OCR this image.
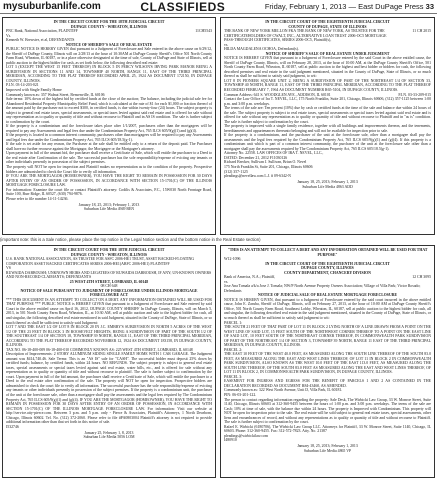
mysuburbanlife.com	CLASSIFIEDS	Friday, February 1, 2013 — East DuPage Press 33

IN THE CIRCUIT COURT FOR THE 18TH JUDICIAL CIRCUIT

DUPAGE COUNTY - WHEATON, ILLINOIS

PNC Bank, National Association, PLAINTIFF	11CH5543

Vs.

Kenneth W. Brewster, et al, DEFENDANTS

NOTICE OF SHERIFF'S SALE OF REAL ESTATE

PUBLIC NOTICE IS HEREBY GIVEN that pursuant to a Judgment of Foreclosure and Sale entered in the above cause on 6/29/12, the Sheriff of DuPage County, Illinois will on 2/28/13 at the hour of 10:30AM at DuPage County Sheriff's Office 501 North County Farm Road, Wheaton, IL 60187, or in a place otherwise designated at the time of sale, County of DuPage and State of Illinois, sell at public auction to the highest bidder for cash, as set forth below, the following described real estate:

LOT 3 (EXCEPT THE WEST 15 FEET THEREOF) IN BLOCK 5 IN PERCY WILSON'S IRVING PARK MANOR BEING A SUBDIVISION IN SECTIONS 11 AND 14, TOWNSHIP 40 NORTH, RANGE 11, EAST OF THE THIRD PRINCIPAL MERIDIAN, ACCORDING TO THE PLAT THEREOF RECORDED APRIL 25, 1924 AS DOCUMENT 172150, IN DUPAGE COUNTY, ILLINOIS.

P.I.N. 03-14-203-021

Improved with Single Family Home

Commonly known as: 357 Walnut Street, Bensenville, IL 60106

Sale terms: 10% down of the highest bid by certified funds at the close of the auction; The balance, including the judicial sale fee for Abandoned Residential Property Municipality Relief Fund, which is calculated at the rate of $1 for each $1,000 or fraction thereof of the amount paid by the purchaser not to exceed $300, in certified funds, is due within twenty-four (24) hours. The subject property is subject to general real estate taxes, special assessments, or special taxes levied against said real estate and is offered for sale without any representation as to quality or quantity of title and without recourse to Plaintiff and in AS IS condition. The sale is further subject to confirmation by the court.

If the property is a condominium and the foreclosure takes place after 1/1/2007, purchasers other than the mortgagees will be required to pay any Assessments and legal fees due under the Condominium Property Act, 765 ILCS 605/9(g)(1) and (g)(4).

If the property is located in a common interest community, purchasers other than mortgagees will be required to pay any Assessments and legal fees due under the Condominium Property Act, 765 ILCS 605/18.5(g-1).

If the sale is set aside for any reason, the Purchaser at the sale shall be entitled only to a return of the deposit paid. The Purchaser shall have no further recourse against the Mortgagor, the Mortgagee or the Mortgagee's attorney.

Upon payment in full of the amount bid, the purchaser shall receive a Certificate of Sale, which will entitle the purchaser to a Deed to the real estate after Confirmation of the sale. The successful purchaser has the sole responsibility/expense of evicting any tenants or other individuals presently in possession of the subject premises.

The property will NOT be open for inspection and Plaintiff makes no representation as to the condition of the property. Prospective bidders are admonished to check the Court file to verify all information.

IF YOU ARE THE MORTGAGOR (HOMEOWNER), YOU HAVE THE RIGHT TO REMAIN IN POSSESSION FOR 30 DAYS AFTER ENTRY OF AN ORDER OF POSSESSION, IN ACCORDANCE WITH SECTION 15-1701(C) OF THE ILLINOIS MORTGAGE FORECLOSURE LAW.

For information: Examine the court file or contact Plaintiff's attorney: Codilis & Associates, P.C., 15W030 North Frontage Road, Suite 100, Burr Ridge, IL 60527, (630) 794-9876.

Please refer to file number 14-11-14236.

January 18, 25, 2013; February 1, 2013

Suburban Life Media 4949 BEN

IN THE CIRCUIT COURT OF THE EIGHTEENTH JUDICIAL CIRCUIT

COUNTY OF DUPAGE, STATE OF ILLINOIS

THE BANK OF NEW YORK MELLON FKA THE BANK OF NEW YORK, AS TRUSTEE FOR THE CERTIFICATEHOLDERS OF CWALT, INC., ALTERNATIVE LOAN TRUST 2006-OC5 MORTGAGE PASS-THROUGH CERTIFICATES, SERIES 2006-OC5, Plaintiff(s),
11 CH 2015

vs.

HILDA MAGDALENA OCHOA, Defendant(s).

NOTICE OF SHERIFF'S SALE OF REAL ESTATE UNDER JUDGMENT

NOTICE IS HEREBY GIVEN that pursuant to a Judgment of Foreclosure entered by the said Court in the above entitled cause, the Sheriff of DuPage County, Illinois, will on February 28, 2013, at the hour of 10:00 AM, at the DuPage County Sheriff's Office, 501 North County Farm Road, Wheaton, IL 60187, sell at public auction to the highest and best bidder or bidders for cash, the following described premises and real estate in the said judgment mentioned, situated in the County of DuPage, State of Illinois, or so much thereof as shall be sufficient to satisfy said judgment, to wit:

LOT 8 IN PIONEER SQUARE UNIT 2, BEING A SUBDIVISION OF PART OF THE NORTHEAST 1/4 OF SECTION 33, TOWNSHIP 40 NORTH, RANGE 11, EAST OF THE THIRD PRINCIPAL MERIDIAN, ACCORDING TO THE PLAT THEREOF RECORDED FEBRUARY 7, 1964 AS DOCUMENT NUMBER R65-5104, IN DUPAGE COUNTY, ILLINOIS.

Common Address: 641 S. WOODGLEN AVE., ADDISON, IL 60101	P.I.N. 03-33-209-015

Contact the Law Office of Ira T. NEVEL, LLC, 175 North Franklin, Suite 201, Chicago, Illinois 60606, (312) 357-1125 between 1:00 p.m. and 3:00 p.m. weekdays.

The terms of the sale are: Ten percent (10%) due by cash or certified funds at the time of the sale and balance due within 24 hours of the sale. The subject property is subject to real estate taxes, special assessments or special taxes levied against said real estate and is offered for sale without any representation as to quality or quantity of title and without recourse to Plaintiff and in "as is" condition. The sale is further subject to confirmation by the court.

The property is improved with a single family residence, together with all buildings and improvements thereon, and the tenements, hereditaments and appurtenances thereunto belonging and will not be available for inspection prior to sale.

If the property is a condominium, and the purchaser of the unit at the foreclosure sale, other than a mortgagee shall pay the assessments and the legal fees required by the Condominium Property Act, 765 ILCS 605/9(g)(1) and (g)(4). If this property is a condominium unit which is part of a common interest community, the purchaser of the unit at the foreclosure sale other than a mortgagee shall pay the assessments required by The Condominium Property Act, 765 ILCS 605/18.5(g-1).

Attorney No. 22558. LAW OFFICES OF IRA T. NEVEL, LLC.,

DATED: December 21, 2012 F11030126

Richard Brecker, Sullivan J. Sullivan, Brian O. Nevel

175 North Franklin St, Suite 201, Chicago, Illinois 60606

(312) 357-1125

pleadings@nevellaw.com L.J. # 09-6342-N

January 18, 25, 2013; February 1, 2013

Suburban Life Media 4863 ADD

(important note: this is a Sale notice, please place the top notice in the Legal Notice section and the bottom notice in the Real Estate section)

IN THE CIRCUIT COURT FOR THE 18TH JUDICIAL CIRCUIT

DUPAGE COUNTY - WHEATON, ILLINOIS

U.S. BANK NATIONAL ASSOCIATION, AS TRUSTEE FOR ASFC 2006-HE1 TRUST, ASSET BACKED-FLOATING CORPORATION ASSET BACKED CERTIFICATES SERIES 2006-HE1(ABFC 2006-HE1) PLAINTIFF

VS

RUWAIDA DABBOUSH; UNKNOWN HEIRS AND LEGATEES OF RUWAIDA DABBOUSH, IF ANY; UN-KNOWN OWNERS AND NON-RECORD CLAIMANTS; DEFENDANTS

25 WEST 4TH STREET, LOMBARD, IL 60148

08 CH 648

NOTICE OF SALE PURSUANT TO JUDGMENT OF FORECLOSURE UNDER ILLINOIS MORTGAGE FORECLOSURE ACT

*** THIS DOCUMENT IS AN ATTEMPT TO COLLECT ON A DEBT. ANY INFORMATION OBTAINED WILL BE USED FOR THAT PURPOSE *** PUBLIC NOTICE is HEREBY GIVEN that pursuant to a Judgment of Foreclosure and Sale entered by said Court in the above entitled cause on April 16, 2012, DUPAGE COUNTY SHERIFF In DuPage County, Illinois, will on March 5, 2013, in 501 North County Farm Road, Wheaton, IL, at 10:30 AM, sell at public auction and sale to the highest bidder for cash, all and singular, the following described real estate mentioned in said Judgment, situated in the County of DuPage, State of Illinois, or so much thereof as shall be sufficient to satisfy said Judgment:

LOT 7 AND THE EAST 1/2 OF LOT 8 IN BLOCK 20 IN J.C. EMBRY'S SUBDIVISION IN NORTH 5 ACRES OF THE WEST 1/2 OF THE 23 FEET IN BLOCK 3 IN ROOSEVELT HEIGHTS, BEING A SUBDIVISION OF PART OF THE SOUTH 1/2 OF THE SOUTHEAST 1/4 OF SECTION 18, TOWNSHIP 39 NORTH, RANGE 11, EAST OF THE THIRD PRINCIPAL MERIDIAN, ACCORDING TO THE PLAT THEREOF RECORDED NOVEMBER 12, 1924 AS DOCUMENT 183158, IN DUPAGE COUNTY, ILLINOIS.

TAX NO. 06-18-400-009 06-18-400-010 COMMONLY KNOWN AS: 225 WEST 4TH STREET, LOMBARD, IL 60148

Description of Improvements: 2 STORY ALUMINUM SIDING SINGLE FAMILY HOME WITH 1 CAR GARAGE. The Judgment amount was $414,740.46. Sale Terms: This is an "AS IS" sale for "CASH". The successful bidder must deposit 25% down by certified funds; balance, by certified funds, within 24 hours. NO REFUNDS. The subject property is subject to general real estate taxes, special assessments or special taxes levied against said real estate, water bills, etc., and is offered for sale without any representation as to quality or quantity of title and without recourse to plaintiff. The sale is further subject to confirmation by the court. Upon payment in full of the bid amount, the purchaser shall receive a Certificate of Sale, which will entitle the purchaser to a Deed to the real estate after confirmation of the sale. The property will NOT be open for inspection. Prospective bidders are admonished to check the court file to verify all information. The successful purchaser has the sole responsibility/expense of evicting any tenants or other individuals presently in possession of the subject premises. If the property is a condominium unit, the purchaser of the unit at the foreclosure sale, other than a mortgagee shall pay the assessments and the legal fees required by The Condominium Property Act, 765 ILCS 605/9(g)(1) and (g)(4). IF YOU ARE THE MORTGAGOR (HOMEOWNER), YOU HAVE THE RIGHT TO REMAIN IN POSSESSION FOR 30 DAYS AFTER ENTRY OF AN ORDER OF POSSESSION, IN ACCORDANCE WITH SECTION 15-1701(C) OF THE ILLINOIS MORTGAGE FORECLOSURE LAW. For information: Visit our website at http://service.atty-pierce.com. Between 3 p.m. and 5 p.m. only - Pierce & Associates, Plaintiff's Attorneys, 1 North Dearborn, Chicago, Illinois 60602. Tel. No. (312) 372-2060. Please refer to file #PA0803004 Plaintiff's attorney is not required to provide additional information other than that set forth in this notice of sale.

I532746

January 25, February 1, 8, 2013

Suburban Life Media 5056 LOM

"THIS IS AN ATTEMPT TO COLLECT A DEBT AND ANY INFORMATION OBTAINED WILL BE USED FOR THAT PURPOSE"

W12-1096

IN THE CIRCUIT COURT OF THE EIGHTEENTH JUDICIAL CIRCUIT

DUPAGE COUNTY, ILLINOIS

COUNTY DEPARTMENT, CHANCERY DIVISION

Bank of America, N.A.; Plaintiff,	12 CH 3095

vs.

Jose Ana Tomala a/k/a Jose J. Tomala; NW/P North Avenue Property Owners Association; Village of Villa Park; Victor Rosado; Defendants

NOTICE OF JUDICIAL SALE OF REAL ESTATE MORTGAGE FORECLOSURE

NOTICE IS HEREBY GIVEN, that pursuant to a Judgment of Foreclosure entered by the said court incurred in the above entitled cause, John E. Zaruba, Sheriff of DuPage, Illinois, will on February 27, 2013, at the hour of 10:00 AM at DuPage County Sheriff's Office, 501 North County Farm Road, Southeast Lobby, Wheaton, IL, 60187, sell at public auction to the highest bidder for cash, all and singular, the following described real estate in the said judgment mentioned, situated in the County of DuPage, State of Illinois, or so much thereof as shall be sufficient to satisfy said judgment to wit:

PARCEL 1:

THE SOUTH 21 FEET OF THAT PART OF LOT 11 IN BLOCK 2 LYING NORTH OF A LINE DRAWN FROM A POINT ON THE WEST LINE OF SAID LOT, 15 FEET SOUTH OF THE NORTHWEST CORNER THEREOF TO A POINT ON THE EAST LINE OF SAID LOT, 10 FEET SOUTH OF THE NORTHEAST CORNER THEREOF, IN COMMONWEALTH PARK SUBDIVISION OF PART OF THE NORTHEAST 1/4 OF SECTION 3, TOWNSHIP 39 NORTH, RANGE 11 EAST OF THE THIRD PRINCIPAL MERIDIAN, IN DUPAGE COUNTY, ILLINOIS.

PARCEL 2:

THE EAST 10 FEET OF THE WEST 40.0 FEET, AS MEASURED ALONG THE SOUTH LINE THEREOF OF THE SOUTH 83.0 FEET, AS MEASURED ALONG THE EAST AND WEST LINES THEREOF, OF LOT 11 IN BLOCK 2 IN COMMONWEALTH PARK SUBDIVISION, ALSO KNOWN AS THE WEST 10.0 FEET OF THE EAST 113.0 FEET, AS MEASURED ALONG THE SOUTH LINE THEREOF, OF THE SOUTH 83.0 FEET AS MEASURED ALONG THE EAST AND WEST LINES THEREOF, OF LOT 11 IN BLOCK 2, IN COMMONWEALTH PARK SUBDIVISION, IN DUPAGE COUNTY, ILLINOIS.

PARCEL 3:

EASEMENT FOR INGRESS AND EGRESS FOR THE BENEFIT OF PARCELS 1 AND 2 AS CONTAINED IN THE DECLARATION RECORDED AS DOCUMENT R84-43460, AS AMENDED.

Commonly known as: 322 West North Avenue, Unit D, Villa Park, IL 60181.

PIN: 06-03-201-122.

The person to contact regarding information regarding the property: Sale Desk, The Wirbicki Law Group, 33 W. Monroe Street, Suite 1140, Chicago, Illinois 60603 at 312-360-9455 between the hours of 1:00 p.m. and 3:00 p.m. weekdays. The terms of the sale are Cash; 10% at time of sale, with the balance due within 24 hours. The property is Improved with Condominium. This property will NOT be open for inspection prior to the sale. The real estate will be sold subject to general real estate taxes, special assessments, other liens and encumbrances of record, and without any representations as to quality or quantity of title and without recourse to Plaintiff. The sale is further subject to confirmation by the court.

Rafael E. Wirbicki (6180706), The Wirbicki Law Group LLC. Attorneys for Plaintiff, 33 W. Monroe Street, Suite 1140, Chicago, IL 60603. Phone: 312-360-9455. Fax: 312-572-7823. Atty. No. 21387

pleadings@wirbickilaw.com

I480910

January 18, 25, 2013; February 1, 2013

Suburban Life Media 4865 VP
